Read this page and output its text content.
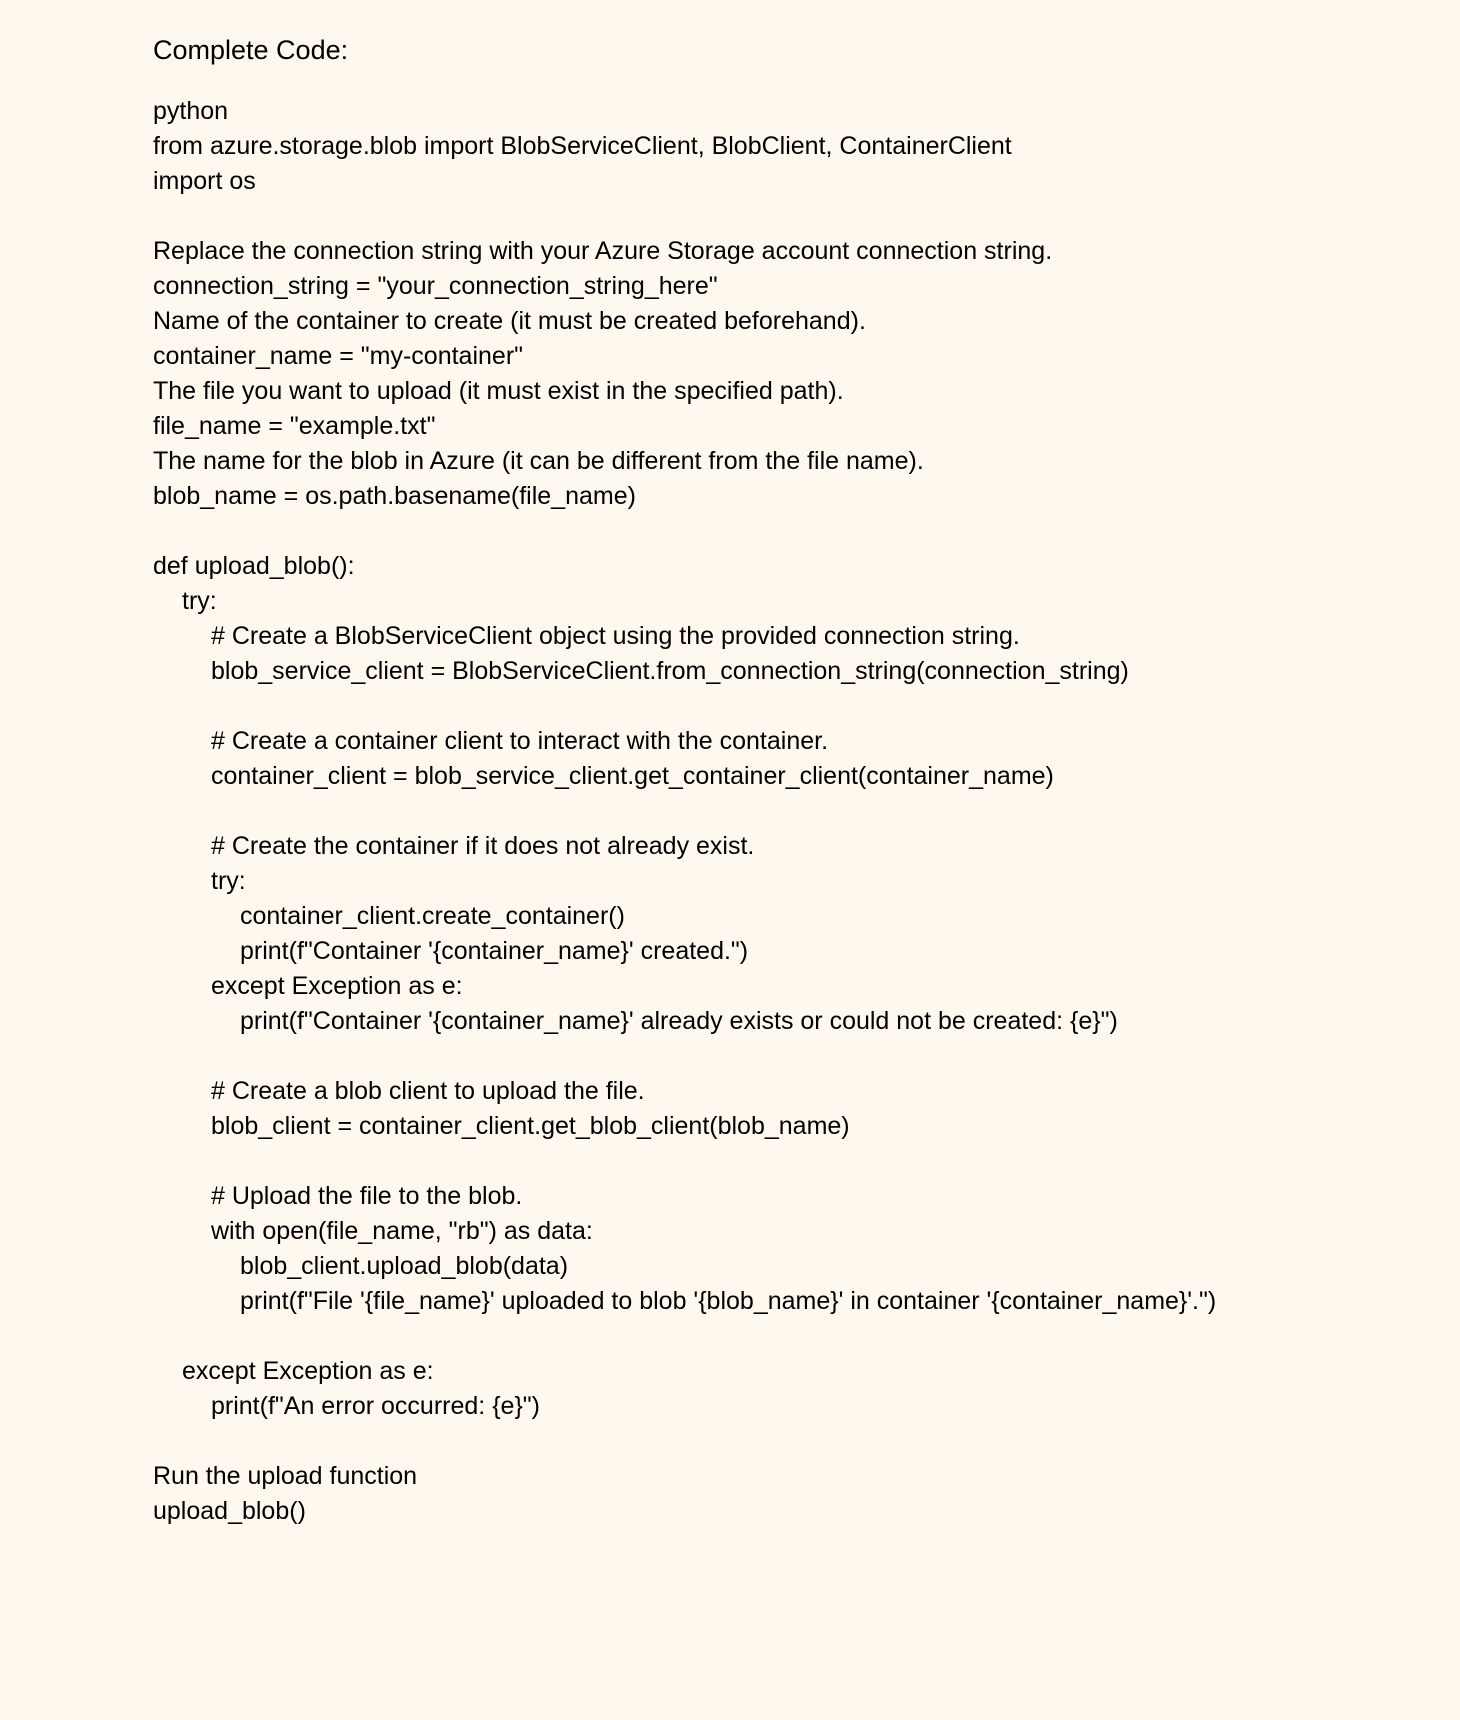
Complete Code:
python
from azure.storage.blob import BlobServiceClient, BlobClient, ContainerClient
import os
Replace the connection string with your Azure Storage account connection string.
connection_string = "your_connection_string_here"
Name of the container to create (it must be created beforehand).
container_name = "my-container"
The file you want to upload (it must exist in the specified path).
file_name = "example.txt"
The name for the blob in Azure (it can be different from the file name).
blob_name = os.path.basename(file_name)
def upload_blob():
try:
# Create a BlobServiceClient object using the provided connection string.
blob_service_client = BlobServiceClient.from_connection_string(connection_string)
# Create a container client to interact with the container.
container_client = blob_service_client.get_container_client(container_name)
# Create the container if it does not already exist.
try:
container_client.create_container()
print(f"Container '{container_name}' created.")
except Exception as e:
print(f"Container '{container_name}' already exists or could not be created: {e}")
# Create a blob client to upload the file.
blob_client = container_client.get_blob_client(blob_name)
# Upload the file to the blob.
with open(file_name, "rb") as data:
blob_client.upload_blob(data)
print(f"File '{file_name}' uploaded to blob '{blob_name}' in container '{container_name}'.")
except Exception as e:
print(f"An error occurred: {e}")
Run the upload function
upload_blob()
